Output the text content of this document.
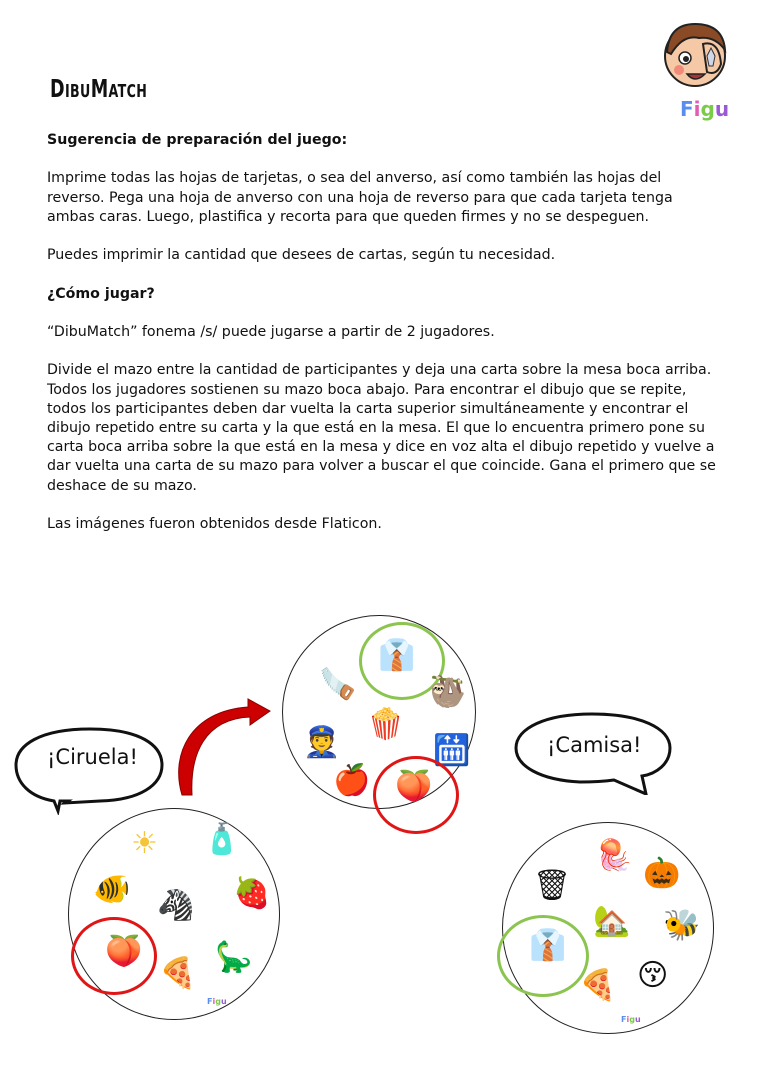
DibuMatch
Figu

Sugerencia de preparación del juego:

Imprime todas las hojas de tarjetas, o sea del anverso, así como también las hojas del reverso. Pega una hoja de anverso con una hoja de reverso para que cada tarjeta tenga ambas caras. Luego, plastifica y recorta para que queden firmes y no se despeguen.

Puedes imprimir la cantidad que desees de cartas, según tu necesidad.

¿Cómo jugar?

“DibuMatch” fonema /s/ puede jugarse a partir de 2 jugadores.

Divide el mazo entre la cantidad de participantes y deja una carta sobre la mesa boca arriba. Todos los jugadores sostienen su mazo boca abajo. Para encontrar el dibujo que se repite, todos los participantes deben dar vuelta la carta superior simultáneamente y encontrar el dibujo repetido entre su carta y la que está en la mesa. El que lo encuentra primero pone su carta boca arriba sobre la que está en la mesa y dice en voz alta el dibujo repetido y vuelve a dar vuelta una carta de su mazo para volver a buscar el que coincide. Gana el primero que se deshace de su mazo.

Las imágenes fueron obtenidos desde Flaticon.

¡Ciruela!	¡Camisa!
👔
🪚 🦥
👮
🍿
🛗
🍎 🍑
☀ 🧴
🐠 🦓 🍓
🍑 🦕
🍕
Figu
🪼
🎃
🗑
🏡 🐝
👔
🍕 😚
Figu
